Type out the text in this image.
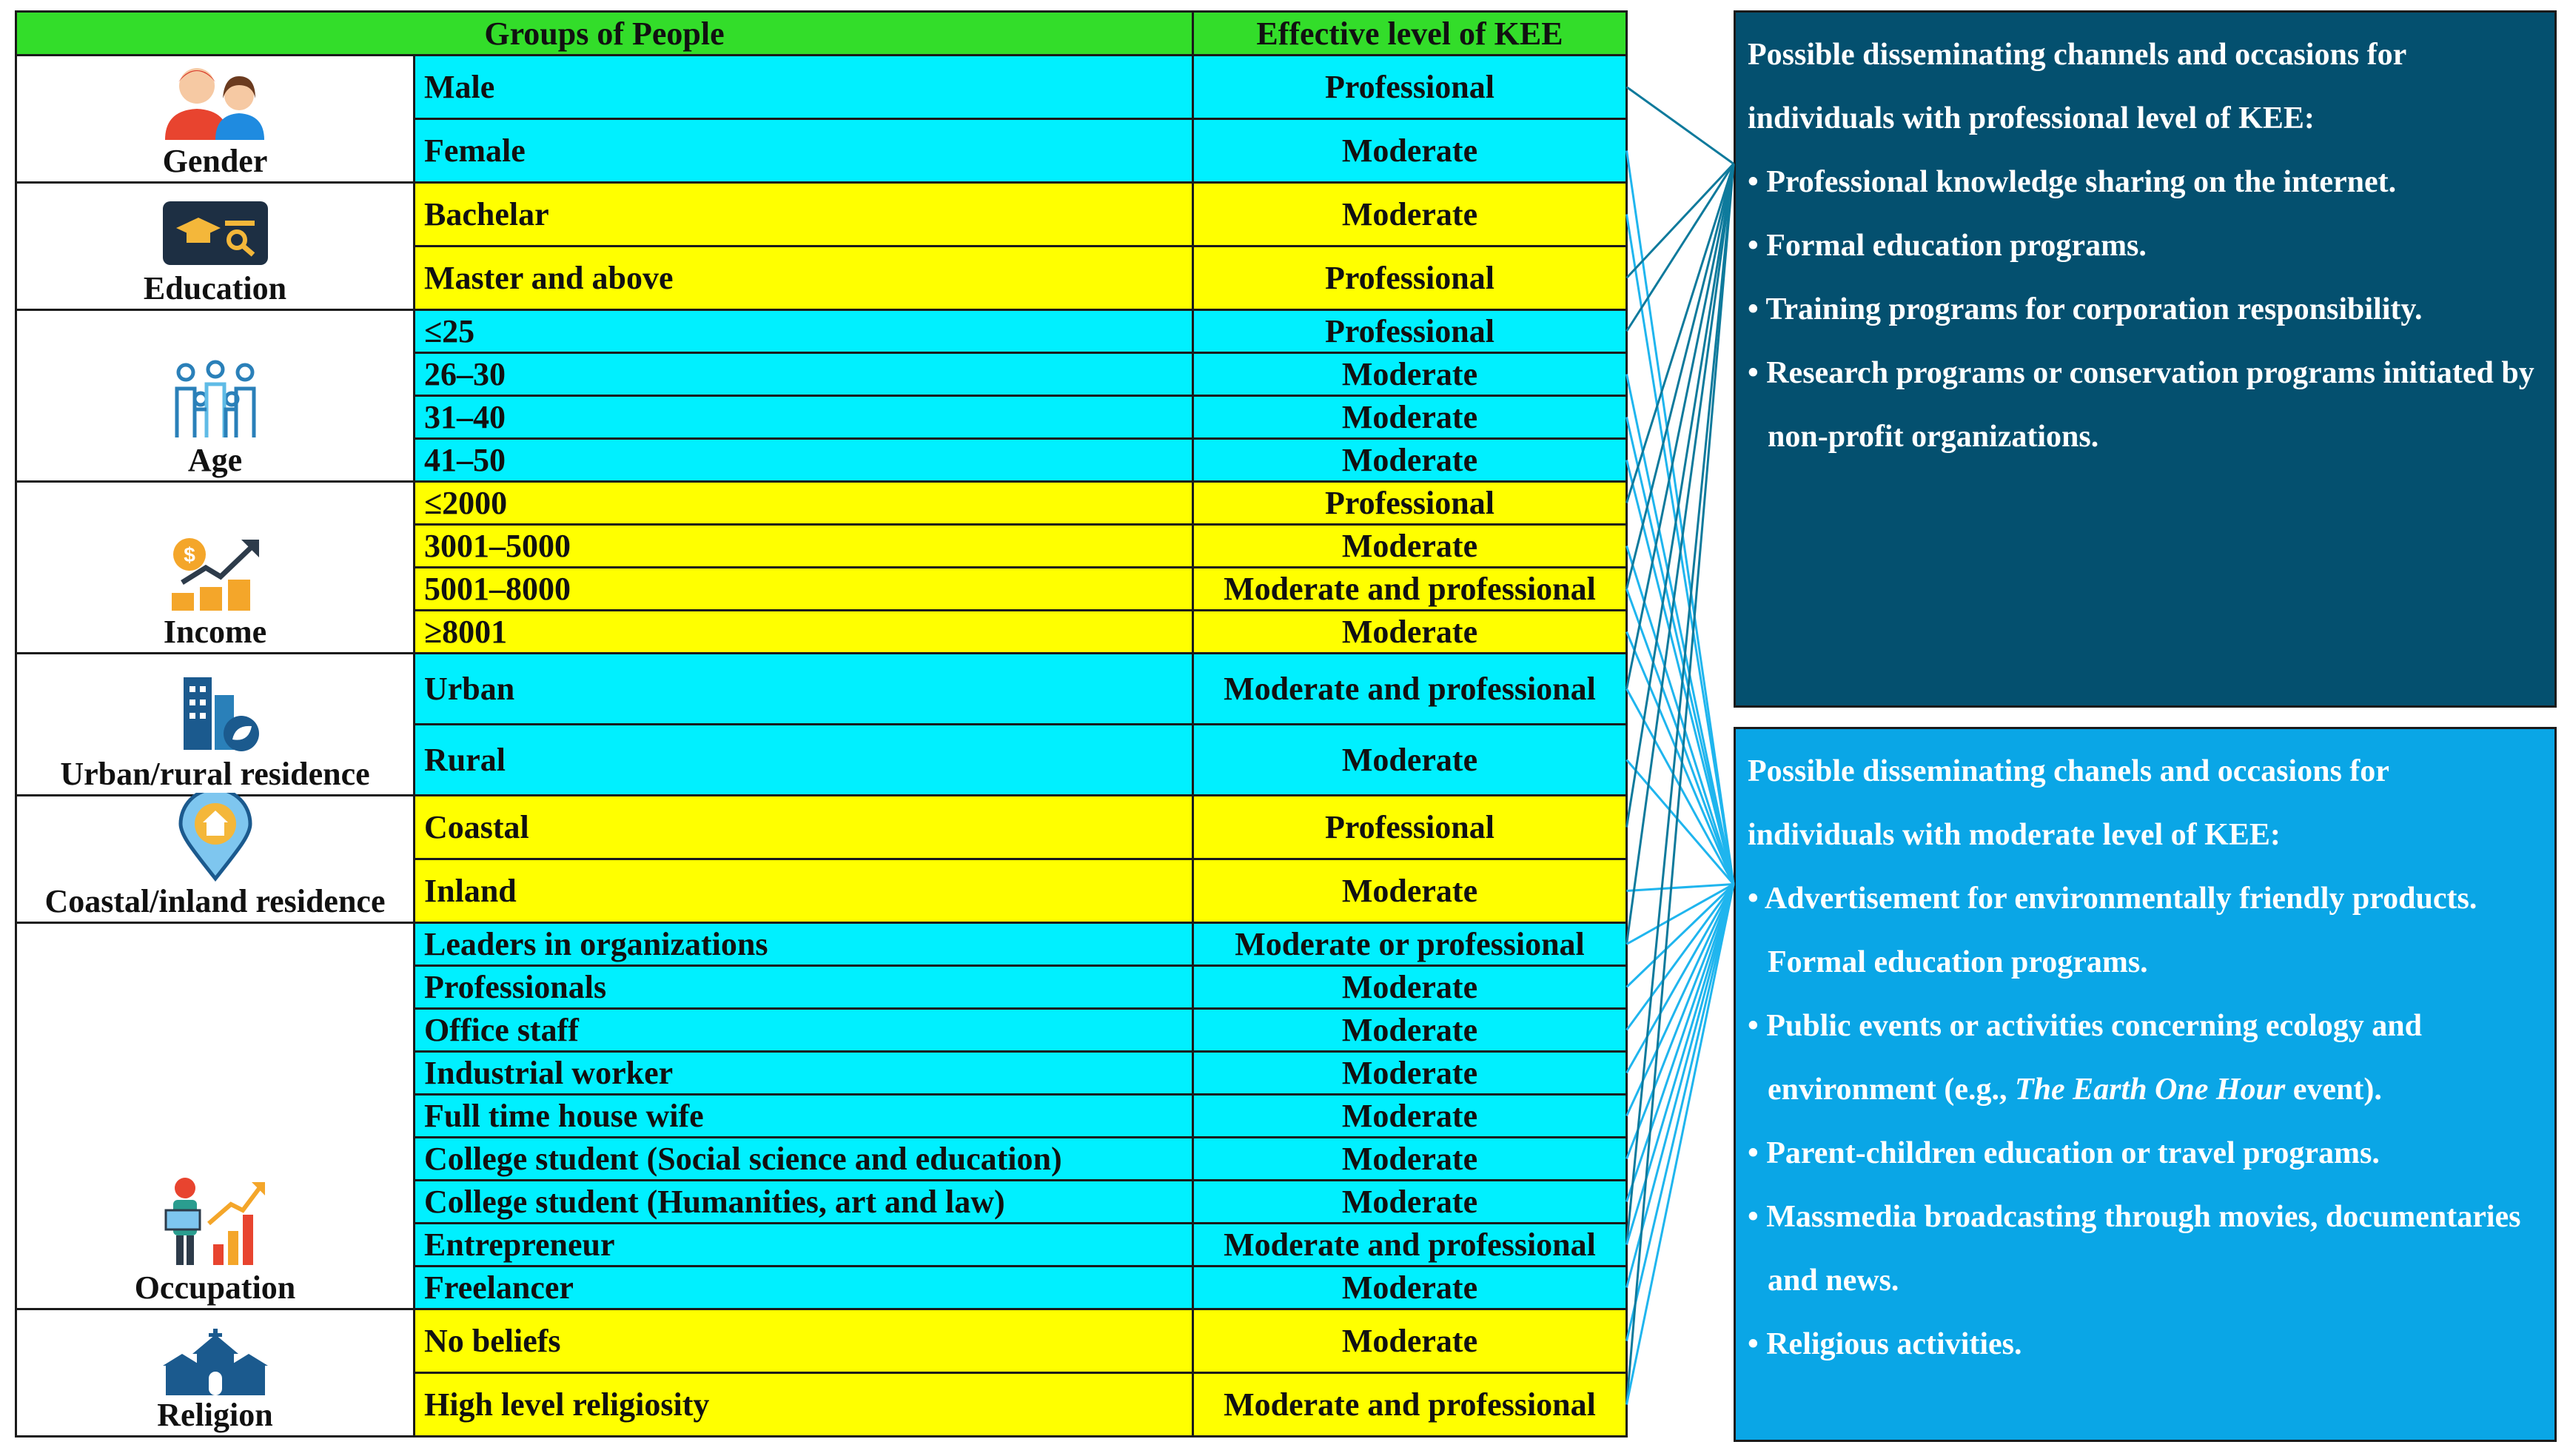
Groups of People		Effective level of KEE

Gender	Male	Professional
	Female	Moderate

Education	Bachelar	Moderate
	Master and above	Professional

Age	≤25	Professional
	26–30	Moderate
	31–40	Moderate
	41–50	Moderate

$
Income	≤2000	Professional
	3001–5000	Moderate
	5001–8000	Moderate and professional
	≥8001	Moderate

Urban/rural residence	Urban	Moderate and professional
	Rural	Moderate

Coastal/inland residence	Coastal	Professional
	Inland	Moderate

Occupation	Leaders in organizations	Moderate or professional
	Professionals	Moderate
	Office staff	Moderate
	Industrial worker	Moderate
	Full time house wife	Moderate
	College student (Social science and education)	Moderate
	College student (Humanities, art and law)	Moderate
	Entrepreneur	Moderate and professional
	Freelancer	Moderate

Religion	No beliefs	Moderate
	High level religiosity	Moderate and professional

Possible disseminating channels and occasions for individuals with professional level of KEE:

• Professional knowledge sharing on the internet.

• Formal education programs.

• Training programs for corporation responsibility.

• Research programs or conservation programs initiated by non-profit organizations.

Possible disseminating chanels and occasions for individuals with moderate level of KEE:

• Advertisement for environmentally friendly products. Formal education programs.

• Public events or activities concerning ecology and environment (e.g., The Earth One Hour event).

• Parent-children education or travel programs.

• Massmedia broadcasting through movies, documentaries and news.

• Religious activities.
